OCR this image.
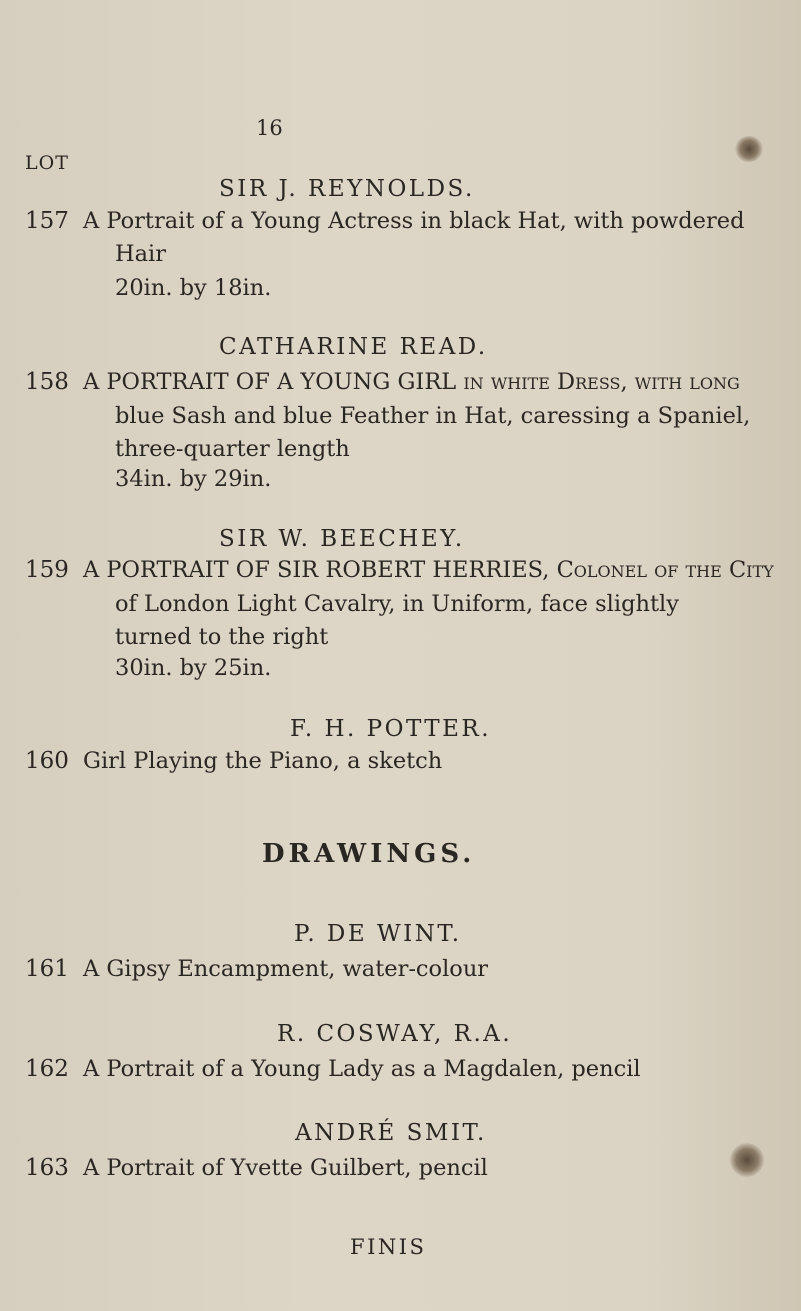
16
LOT
SIR J. REYNOLDS.
157 A Portrait of a Young Actress in black Hat, with powdered
Hair
20in. by 18in.
CATHARINE READ.
158 A PORTRAIT OF A YOUNG GIRL in white Dress, with long
blue Sash and blue Feather in Hat, caressing a Spaniel,
three-quarter length
34in. by 29in.
SIR W. BEECHEY.
159 A PORTRAIT OF SIR ROBERT HERRIES, Colonel of the City
of London Light Cavalry, in Uniform, face slightly
turned to the right
30in. by 25in.
F. H. POTTER.
160 Girl Playing the Piano, a sketch
DRAWINGS.
P. DE WINT.
161 A Gipsy Encampment, water-colour
R. COSWAY, R.A.
162 A Portrait of a Young Lady as a Magdalen, pencil
ANDRÉ SMIT.
163 A Portrait of Yvette Guilbert, pencil
FINIS
